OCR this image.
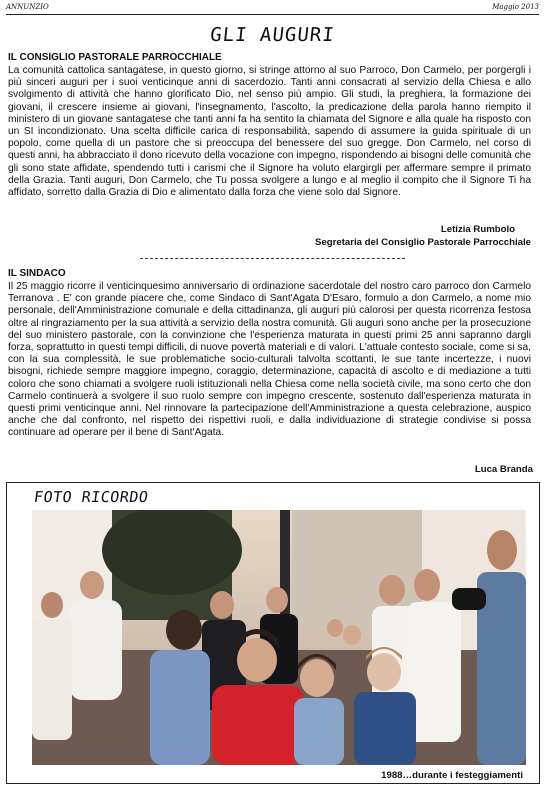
ANNUNZIO	Maggio 2013
GLI AUGURI
IL CONSIGLIO PASTORALE PARROCCHIALE

La comunità cattolica santagatese, in questo giorno, si stringe attorno al suo Parroco, Don Carmelo, per porgergli i più sinceri auguri per i suoi venticinque anni di sacerdozio. Tanti anni consacrati al servizio della Chiesa e allo svolgimento di attività che hanno glorificato Dio, nel senso più ampio. Gli studi, la preghiera, la formazione dei giovani, il crescere insieme ai giovani, l'insegnamento, l'ascolto, la predicazione della parola hanno riempito il ministero di un giovane santagatese che tanti anni fa ha sentito la chiamata del Signore e alla quale ha risposto con un SI incondizionato. Una scelta difficile carica di responsabilità, sapendo di assumere la guida spirituale di un popolo, come quella di un pastore che si preoccupa del benessere del suo gregge. Don Carmelo, nel corso di questi anni, ha abbracciato il dono ricevuto della vocazione con impegno, rispondendo ai bisogni delle comunità che gli sono state affidate, spendendo tutti i carismi che il Signore ha voluto elargirgli per affermare sempre il primato della Grazia. Tanti auguri, Don Carmelo, che Tu possa svolgere a lungo e al meglio il compito che il Signore Ti ha affidato, sorretto dalla Grazia di Dio e alimentato dalla forza che viene solo dal Signore.

Letizia Rumbolo
Segretaria del Consiglio Pastorale Parrocchiale
IL SINDACO

Il 25 maggio ricorre il venticinquesimo anniversario di ordinazione sacerdotale del nostro caro parroco don Carmelo Terranova . E' con grande piacere che, come Sindaco di Sant'Agata D'Esaro, formulo a don Carmelo, a nome mio personale, dell'Amministrazione comunale e della cittadinanza, gli auguri più calorosi per questa ricorrenza festosa oltre al ringraziamento per la sua attività a servizio della nostra comunità. Gli auguri sono anche per la prosecuzione del suo ministero pastorale, con la convinzione che l'esperienza maturata in questi primi 25 anni sapranno dargli forza, soprattutto in questi tempi difficili, di nuove povertà materiali e di valori. L'attuale contesto sociale, come si sa, con la sua complessità, le sue problematiche socio-culturali talvolta scottanti, le sue tante incertezze, i nuovi bisogni, richiede sempre maggiore impegno, coraggio, determinazione, capacità di ascolto e di mediazione a tutti coloro che sono chiamati a svolgere ruoli istituzionali nella Chiesa come nella società civile, ma sono certo che don Carmelo continuerà a svolgere il suo ruolo sempre con impegno crescente, sostenuto dall'esperienza maturata in questi primi venticinque anni. Nel rinnovare la partecipazione dell'Amministrazione a questa celebrazione, auspico anche che dal confronto, nel rispetto dei rispettivi ruoli, e dalla individuazione di strategie condivise si possa continuare ad operare per il bene di Sant'Agata.

Luca Branda
FOTO RICORDO
1988…durante i festeggiamenti
